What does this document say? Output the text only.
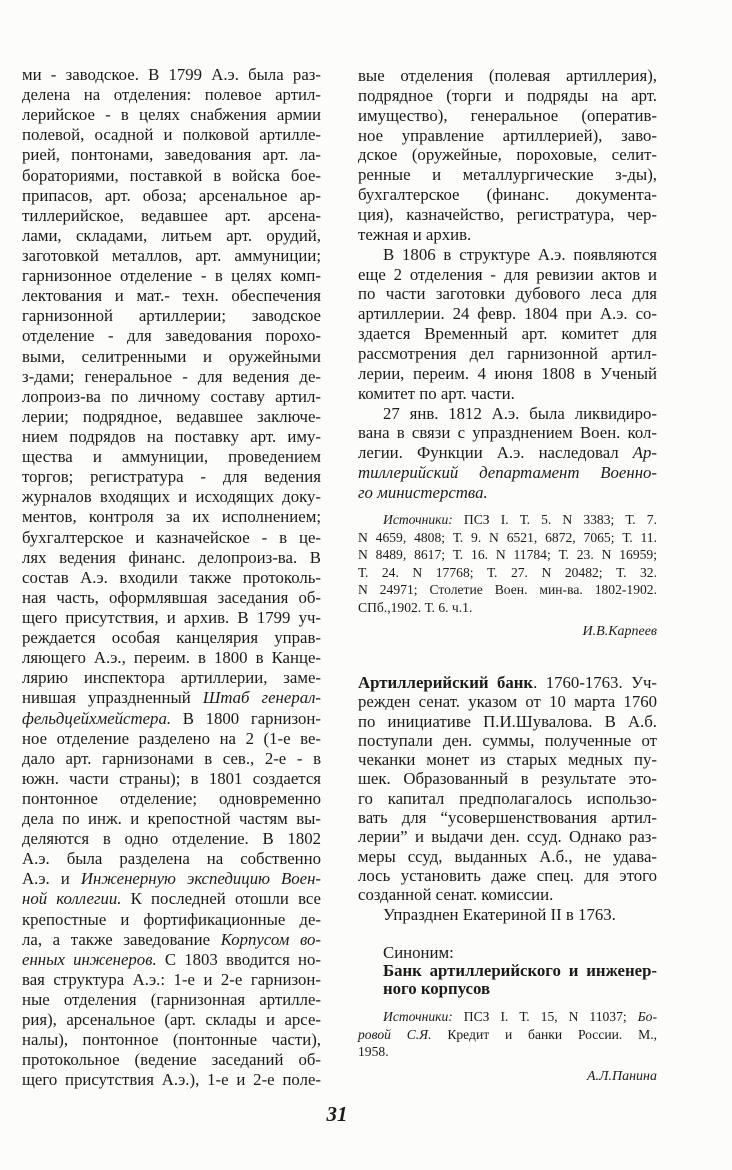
ми - заводское. В 1799 А.э. была раз-
делена на отделения: полевое артил-
лерийское - в целях снабжения армии
полевой, осадной и полковой артилле-
рией, понтонами, заведования арт. ла-
бораториями, поставкой в войска бое-
припасов, арт. обоза; арсенальное ар-
тиллерийское, ведавшее арт. арсена-
лами, складами, литьем арт. орудий,
заготовкой металлов, арт. аммуниции;
гарнизонное отделение - в целях комп-
лектования и мат.- техн. обеспечения
гарнизонной артиллерии; заводское
отделение - для заведования порохо-
выми, селитренными и оружейными
з-дами; генеральное - для ведения де-
лопроиз-ва по личному составу артил-
лерии; подрядное, ведавшее заключе-
нием подрядов на поставку арт. иму-
щества и аммуниции, проведением
торгов; регистратура - для ведения
журналов входящих и исходящих доку-
ментов, контроля за их исполнением;
бухгалтерское и казначейское - в це-
лях ведения финанс. делопроиз-ва. В
состав А.э. входили также протоколь-
ная часть, оформлявшая заседания об-
щего присутствия, и архив. В 1799 уч-
реждается особая канцелярия управ-
ляющего А.э., переим. в 1800 в Канце-
лярию инспектора артиллерии, заме-
нившая упраздненный Штаб генерал-
фельдцейхмейстера. В 1800 гарнизон-
ное отделение разделено на 2 (1-е ве-
дало арт. гарнизонами в сев., 2-е - в
южн. части страны); в 1801 создается
понтонное отделение; одновременно
дела по инж. и крепостной частям вы-
деляются в одно отделение. В 1802
А.э. была разделена на собственно
А.э. и Инженерную экспедицию Воен-
ной коллегии. К последней отошли все
крепостные и фортификационные де-
ла, а также заведование Корпусом во-
енных инженеров. С 1803 вводится но-
вая структура А.э.: 1-е и 2-е гарнизон-
ные отделения (гарнизонная артилле-
рия), арсенальное (арт. склады и арсе-
налы), понтонное (понтонные части),
протокольное (ведение заседаний об-
щего присутствия А.э.), 1-е и 2-е поле-
вые отделения (полевая артиллерия),
подрядное (торги и подряды на арт.
имущество), генеральное (оператив-
ное управление артиллерией), заво-
дское (оружейные, пороховые, селит-
ренные и металлургические з-ды),
бухгалтерское (финанс. документа-
ция), казначейство, регистратура, чер-
тежная и архив.
В 1806 в структуре А.э. появляются
еще 2 отделения - для ревизии актов и
по части заготовки дубового леса для
артиллерии. 24 февр. 1804 при А.э. со-
здается Временный арт. комитет для
рассмотрения дел гарнизонной артил-
лерии, переим. 4 июня 1808 в Ученый
комитет по арт. части.
27 янв. 1812 А.э. была ликвидиро-
вана в связи с упразднением Воен. кол-
легии. Функции А.э. наследовал Ар-
тиллерийский департамент Военно-
го министерства.
Источники: ПСЗ I. Т. 5. N 3383; Т. 7.
N 4659, 4808; Т. 9. N 6521, 6872, 7065; Т. 11.
N 8489, 8617; Т. 16. N 11784; Т. 23. N 16959;
Т. 24. N 17768; Т. 27. N 20482; Т. 32.
N 24971; Столетие Воен. мин-ва. 1802-1902.
СПб.,1902. Т. 6. ч.1.
И.В.Карпеев
Артиллерийский банк. 1760-1763. Уч-
режден сенат. указом от 10 марта 1760
по инициативе П.И.Шувалова. В А.б.
поступали ден. суммы, полученные от
чеканки монет из старых медных пу-
шек. Образованный в результате это-
го капитал предполагалось использо-
вать для “усовершенствования артил-
лерии” и выдачи ден. ссуд. Однако раз-
меры ссуд, выданных А.б., не удава-
лось установить даже спец. для этого
созданной сенат. комиссии.
Упразднен Екатериной II в 1763.
Синоним:
Банк артиллерийского и инженер-
ного корпусов
Источники: ПСЗ I. Т. 15, N 11037; Бо-
ровой С.Я. Кредит и банки России. М.,
1958.
А.Л.Панина
31
